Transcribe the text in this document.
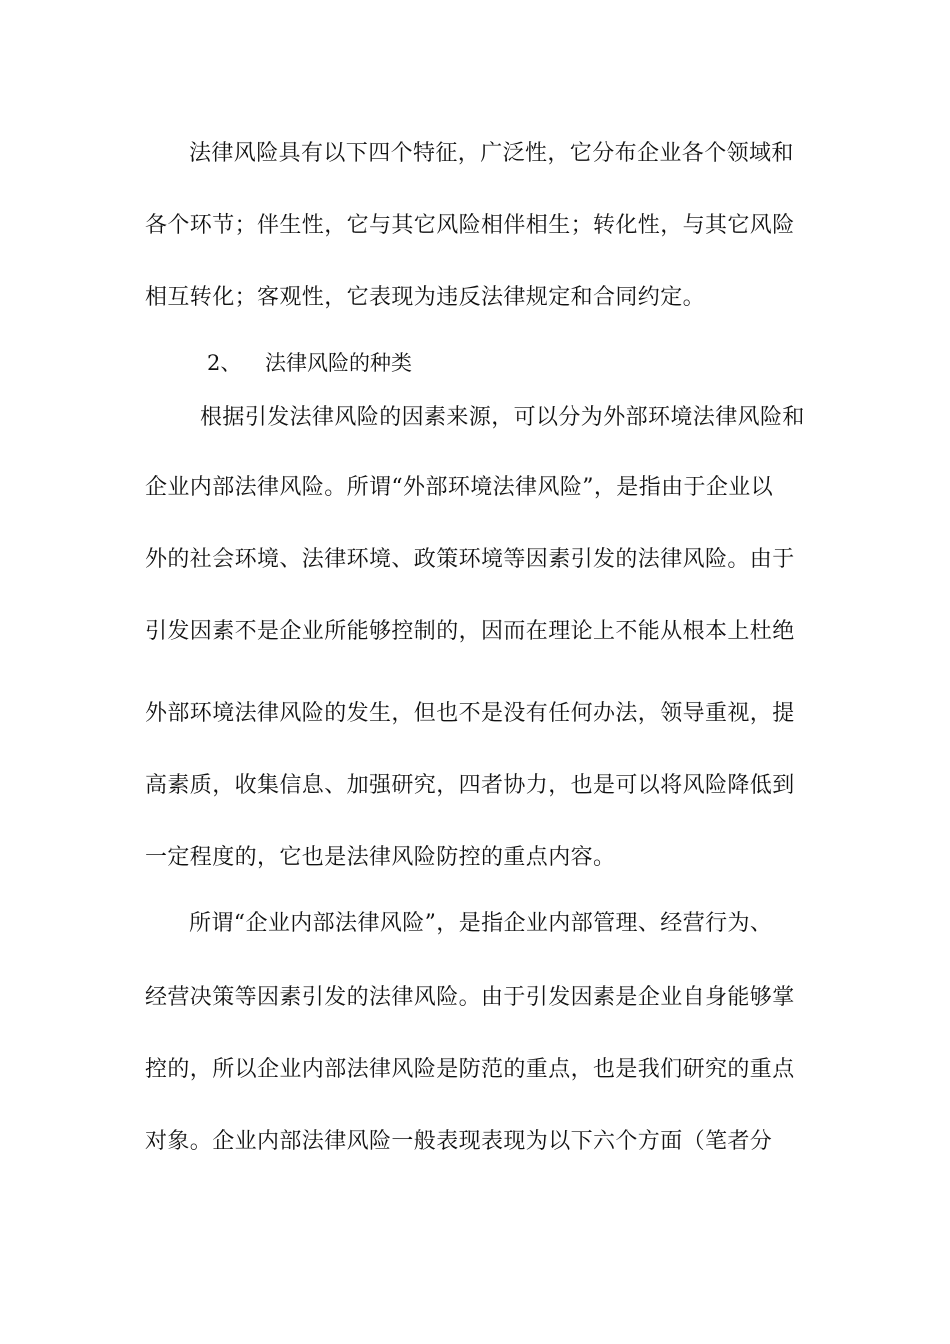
法律风险具有以下四个特征，广泛性，它分布企业各个领域和
各个环节；伴生性，它与其它风险相伴相生；转化性，与其它风险
相互转化；客观性，它表现为违反法律规定和合同约定。
2、 法律风险的种类
根据引发法律风险的因素来源，可以分为外部环境法律风险和
企业内部法律风险。所谓“外部环境法律风险”，是指由于企业以
外的社会环境、法律环境、政策环境等因素引发的法律风险。由于
引发因素不是企业所能够控制的，因而在理论上不能从根本上杜绝
外部环境法律风险的发生，但也不是没有任何办法，领导重视，提
高素质，收集信息、加强研究，四者协力，也是可以将风险降低到
一定程度的，它也是法律风险防控的重点内容。
所谓“企业内部法律风险”，是指企业内部管理、经营行为、
经营决策等因素引发的法律风险。由于引发因素是企业自身能够掌
控的，所以企业内部法律风险是防范的重点，也是我们研究的重点
对象。企业内部法律风险一般表现表现为以下六个方面（笔者分
